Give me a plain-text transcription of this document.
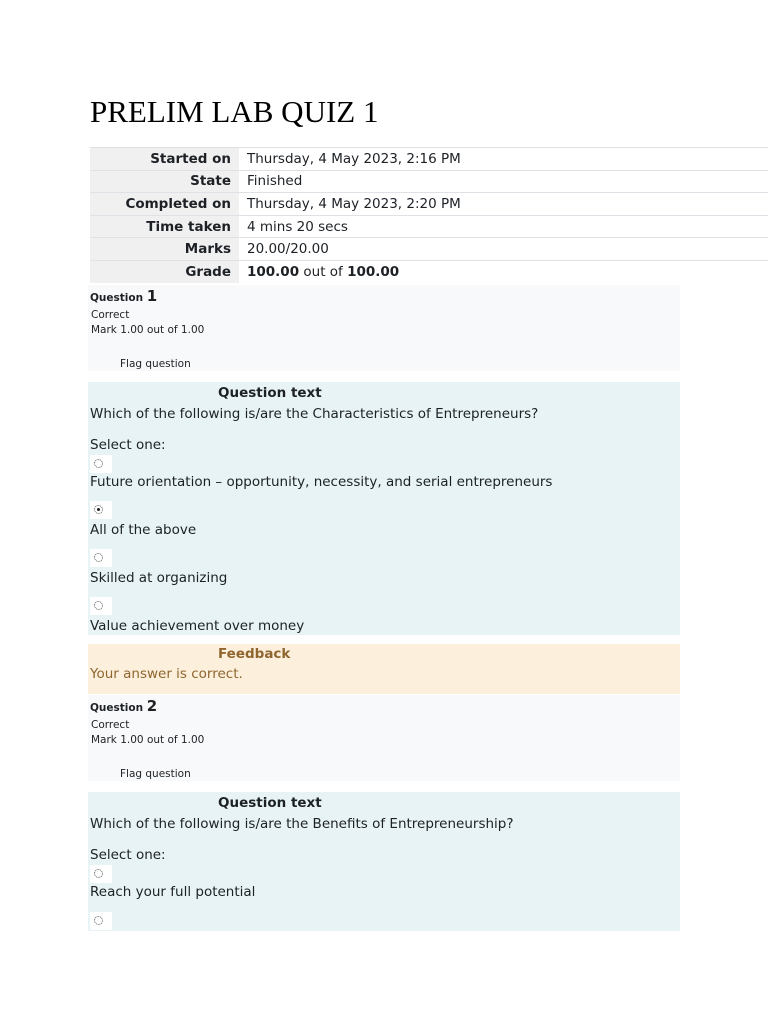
PRELIM LAB QUIZ 1
Started on	Thursday, 4 May 2023, 2:16 PM
State	Finished
Completed on	Thursday, 4 May 2023, 2:20 PM
Time taken	4 mins 20 secs
Marks	20.00/20.00
Grade	100.00 out of 100.00
Question 1
Correct
Mark 1.00 out of 1.00
Flag question
Question text
Which of the following is/are the Characteristics of Entrepreneurs?
Select one:
Future orientation – opportunity, necessity, and serial entrepreneurs
All of the above
Skilled at organizing
Value achievement over money
Feedback
Your answer is correct.
Question 2
Correct
Mark 1.00 out of 1.00
Flag question
Question text
Which of the following is/are the Benefits of Entrepreneurship?
Select one:
Reach your full potential
